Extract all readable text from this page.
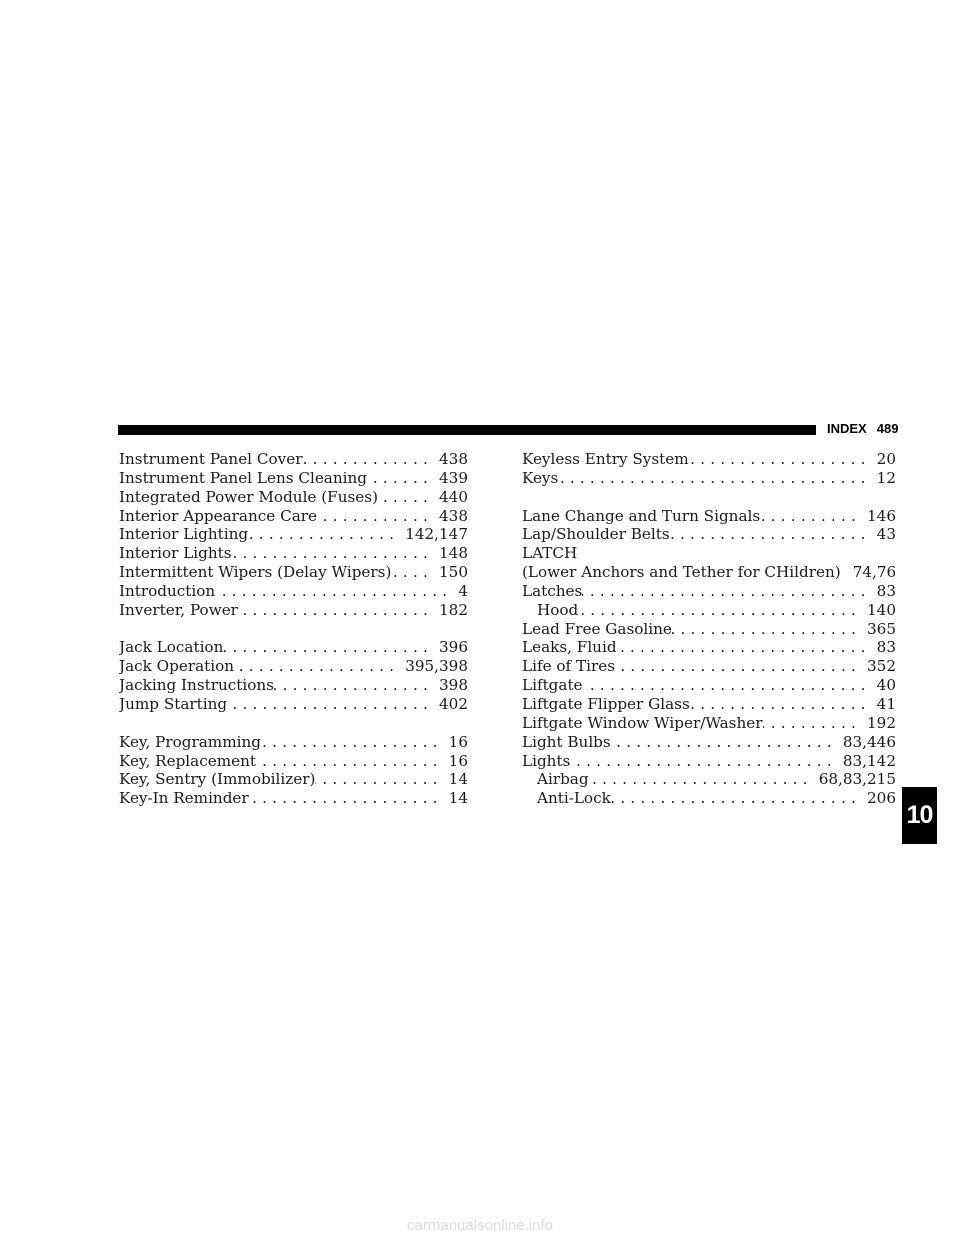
INDEX 489
Instrument Panel Cover .....	438
Instrument Panel Lens Cleaning .....	439
Integrated Power Module (Fuses) .....	440
Interior Appearance Care .....	438
Interior Lighting .....	142,147
Interior Lights .....	148
Intermittent Wipers (Delay Wipers) .....	150
Introduction .....	4
Inverter, Power .....	182
Jack Location .....	396
Jack Operation .....	395,398
Jacking Instructions .....	398
Jump Starting .....	402
Key, Programming .....	16
Key, Replacement .....	16
Key, Sentry (Immobilizer) .....	14
Key-In Reminder .....	14
Keyless Entry System .....	20
Keys .....	12
Lane Change and Turn Signals .....	146
Lap/Shoulder Belts .....	43
LATCH
(Lower Anchors and Tether for CHildren) ..... 74,76
Latches .....	83
Hood .....	140
Lead Free Gasoline .....	365
Leaks, Fluid .....	83
Life of Tires .....	352
Liftgate .....	40
Liftgate Flipper Glass .....	41
Liftgate Window Wiper/Washer .....	192
Light Bulbs .....	83,446
Lights .....	83,142
Airbag .....	68,83,215
Anti-Lock .....	206
10
carmanualsonline.info
